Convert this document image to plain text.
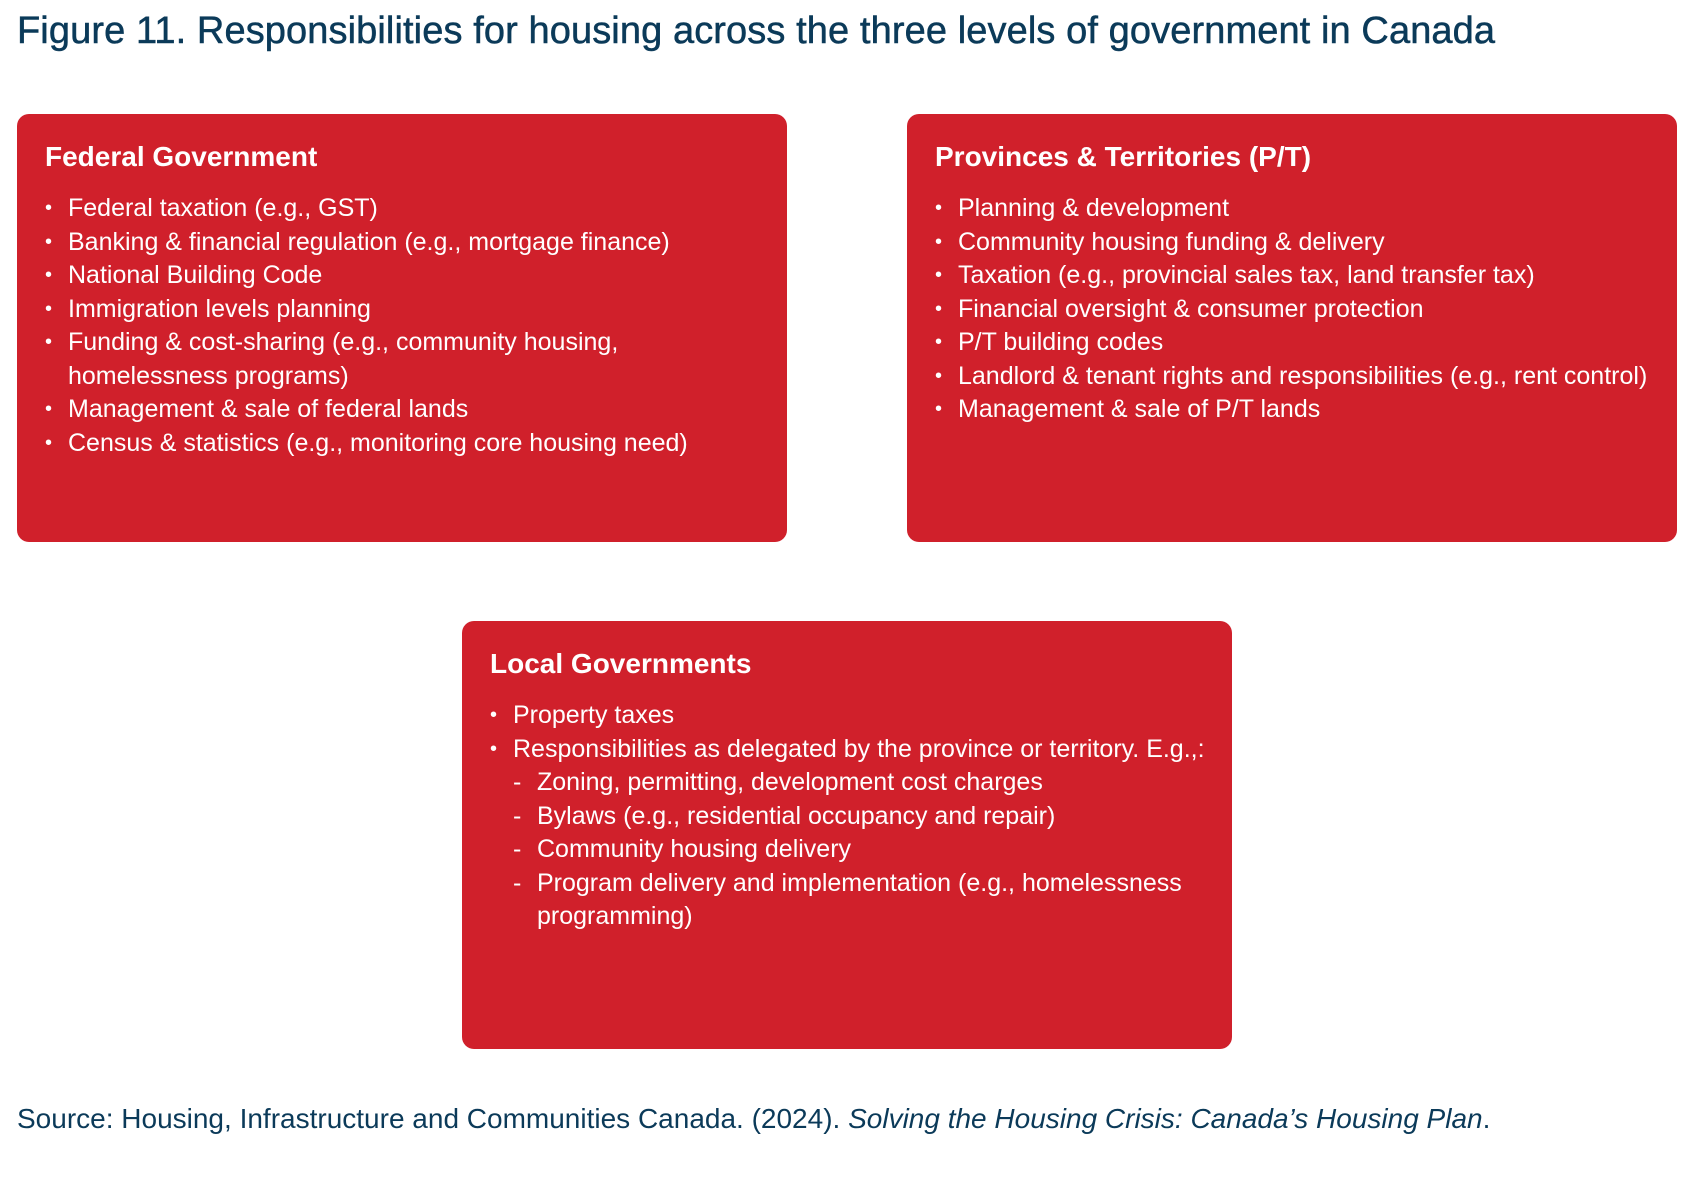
Figure 11. Responsibilities for housing across the three levels of government in Canada
Federal Government
• Federal taxation (e.g., GST)
• Banking & financial regulation (e.g., mortgage finance)
• National Building Code
• Immigration levels planning
• Funding & cost-sharing (e.g., community housing, homelessness programs)
• Management & sale of federal lands
• Census & statistics (e.g., monitoring core housing need)
Provinces & Territories (P/T)
• Planning & development
• Community housing funding & delivery
• Taxation (e.g., provincial sales tax, land transfer tax)
• Financial oversight & consumer protection
• P/T building codes
• Landlord & tenant rights and responsibilities (e.g., rent control)
• Management & sale of P/T lands
Local Governments
• Property taxes
• Responsibilities as delegated by the province or territory. E.g.,:
- Zoning, permitting, development cost charges
- Bylaws (e.g., residential occupancy and repair)
- Community housing delivery
- Program delivery and implementation (e.g., homelessness programming)
Source: Housing, Infrastructure and Communities Canada. (2024). Solving the Housing Crisis: Canada’s Housing Plan.
